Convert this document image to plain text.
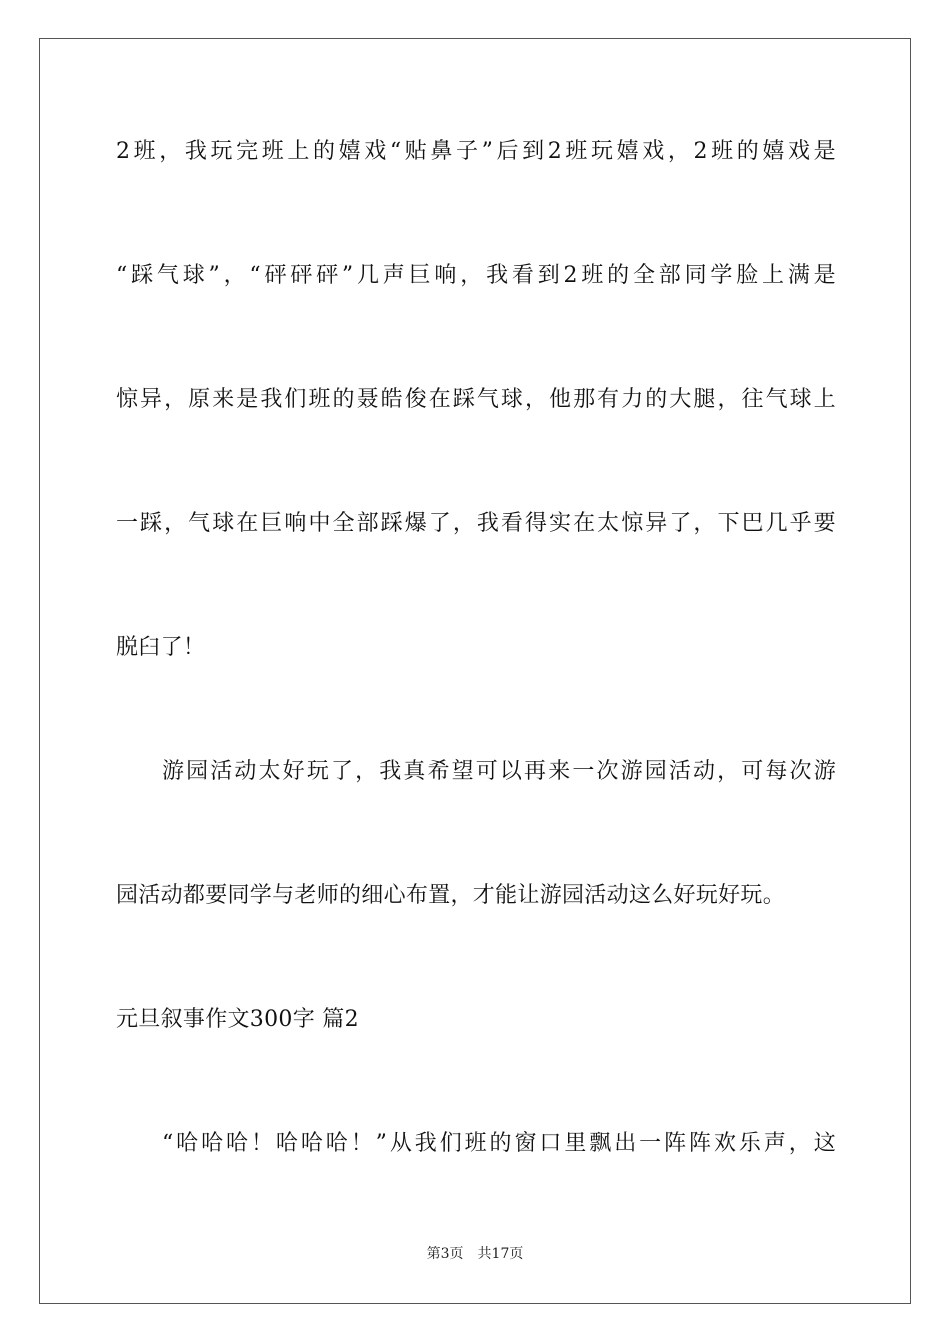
2班，我玩完班上的嬉戏“贴鼻子”后到2班玩嬉戏，2班的嬉戏是
“踩气球”，“砰砰砰”几声巨响，我看到2班的全部同学脸上满是
惊异，原来是我们班的聂皓俊在踩气球，他那有力的大腿，往气球上
一踩，气球在巨响中全部踩爆了，我看得实在太惊异了，下巴几乎要
脱臼了！
游园活动太好玩了，我真希望可以再来一次游园活动，可每次游
园活动都要同学与老师的细心布置，才能让游园活动这么好玩好玩。
元旦叙事作文300字 篇2
“哈哈哈！哈哈哈！”从我们班的窗口里飘出一阵阵欢乐声，这
第3页 共17页
